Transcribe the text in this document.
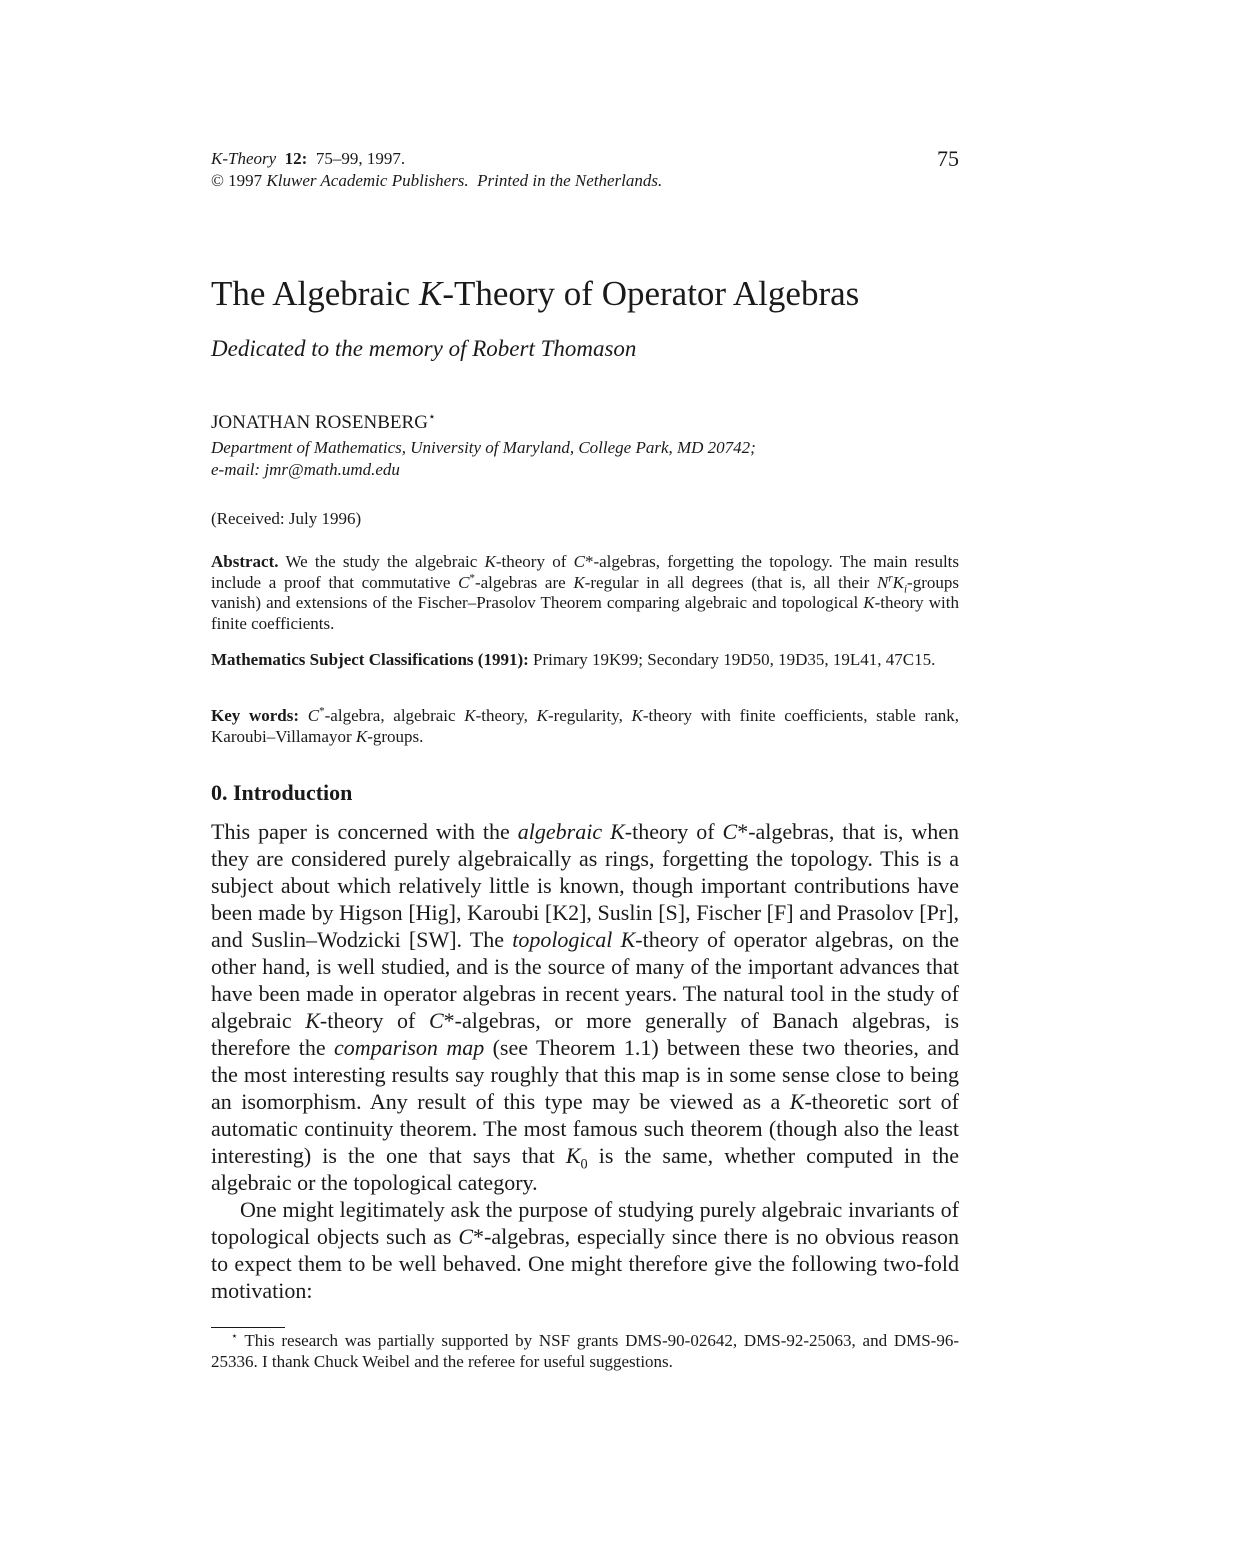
K-Theory 12: 75–99, 1997.
© 1997 Kluwer Academic Publishers. Printed in the Netherlands.
75
The Algebraic K-Theory of Operator Algebras
Dedicated to the memory of Robert Thomason
JONATHAN ROSENBERG⋆
Department of Mathematics, University of Maryland, College Park, MD 20742;
e-mail: jmr@math.umd.edu
(Received: July 1996)
Abstract. We the study the algebraic K-theory of C*-algebras, forgetting the topology. The main results include a proof that commutative C*-algebras are K-regular in all degrees (that is, all their $N^rK_i$-groups vanish) and extensions of the Fischer–Prasolov Theorem comparing algebraic and topological K-theory with finite coefficients.
Mathematics Subject Classifications (1991): Primary 19K99; Secondary 19D50, 19D35, 19L41, 47C15.
Key words: C*-algebra, algebraic K-theory, K-regularity, K-theory with finite coefficients, stable rank, Karoubi–Villamayor K-groups.
0. Introduction

This paper is concerned with the algebraic K-theory of C*-algebras, that is, when they are considered purely algebraically as rings, forgetting the topology. This is a subject about which relatively little is known, though important contributions have been made by Higson [Hig], Karoubi [K2], Suslin [S], Fischer [F] and Prasolov [Pr], and Suslin–Wodzicki [SW]. The topological K-theory of operator algebras, on the other hand, is well studied, and is the source of many of the important advances that have been made in operator algebras in recent years. The natural tool in the study of algebraic K-theory of C*-algebras, or more generally of Banach algebras, is therefore the comparison map (see Theorem 1.1) between these two theories, and the most interesting results say roughly that this map is in some sense close to being an isomorphism. Any result of this type may be viewed as a K-theoretic sort of automatic continuity theorem. The most famous such theorem (though also the least interesting) is the one that says that $K_0$ is the same, whether computed in the algebraic or the topological category.

One might legitimately ask the purpose of studying purely algebraic invariants of topological objects such as C*-algebras, especially since there is no obvious reason to expect them to be well behaved. One might therefore give the following two-fold motivation:

⋆ This research was partially supported by NSF grants DMS-90-02642, DMS-92-25063, and DMS-96-25336. I thank Chuck Weibel and the referee for useful suggestions.
